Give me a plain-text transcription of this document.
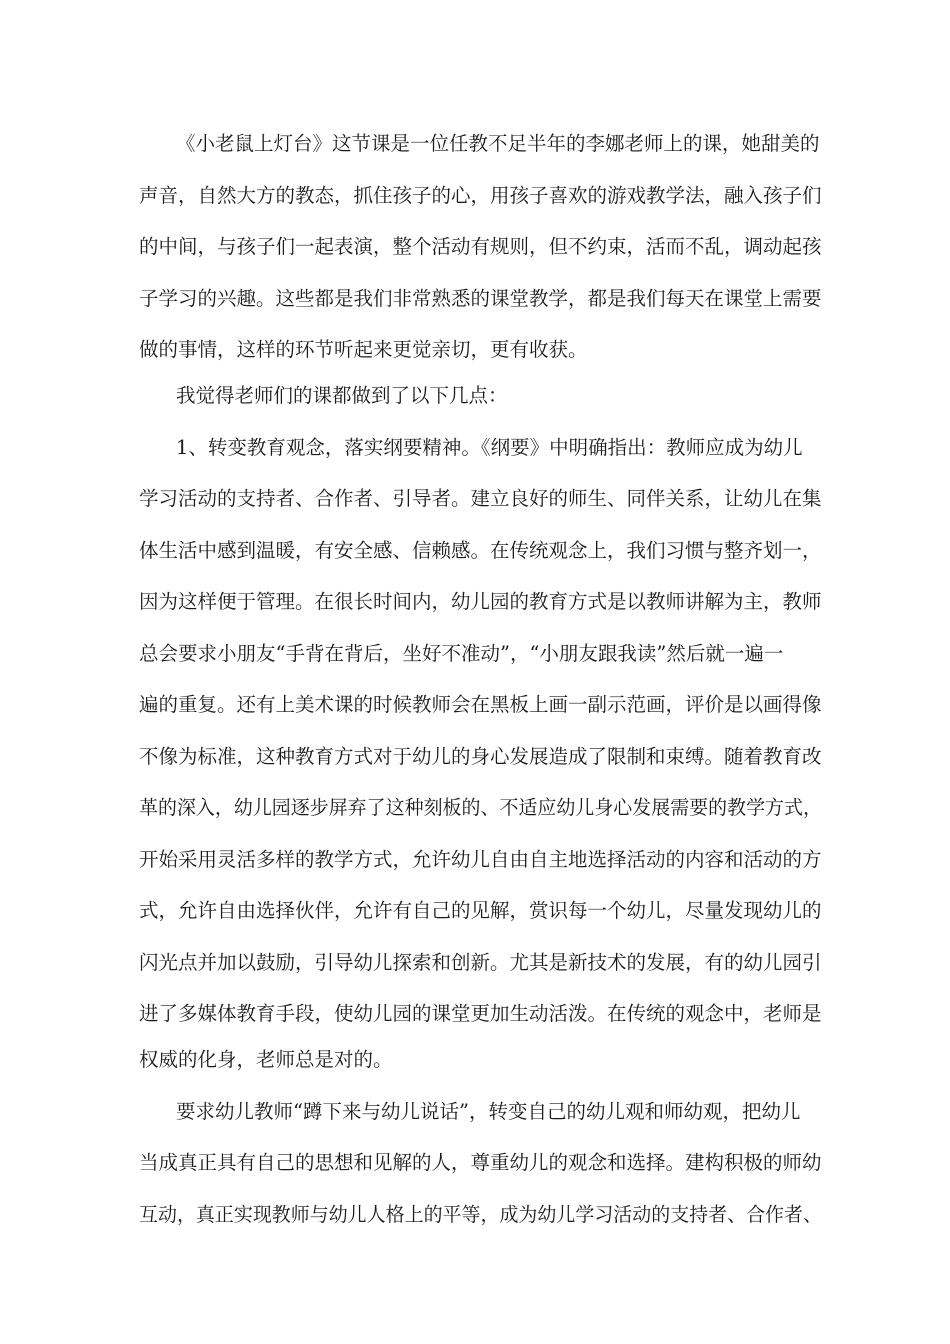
《小老鼠上灯台》这节课是一位任教不足半年的李娜老师上的课，她甜美的
声音，自然大方的教态，抓住孩子的心，用孩子喜欢的游戏教学法，融入孩子们
的中间，与孩子们一起表演，整个活动有规则，但不约束，活而不乱，调动起孩
子学习的兴趣。这些都是我们非常熟悉的课堂教学，都是我们每天在课堂上需要
做的事情，这样的环节听起来更觉亲切，更有收获。
我觉得老师们的课都做到了以下几点：
1、转变教育观念，落实纲要精神。《纲要》中明确指出：教师应成为幼儿
学习活动的支持者、合作者、引导者。建立良好的师生、同伴关系，让幼儿在集
体生活中感到温暖，有安全感、信赖感。在传统观念上，我们习惯与整齐划一，
因为这样便于管理。在很长时间内，幼儿园的教育方式是以教师讲解为主，教师
总会要求小朋友“手背在背后，坐好不准动”，“小朋友跟我读”然后就一遍一
遍的重复。还有上美术课的时候教师会在黑板上画一副示范画，评价是以画得像
不像为标准，这种教育方式对于幼儿的身心发展造成了限制和束缚。随着教育改
革的深入，幼儿园逐步屏弃了这种刻板的、不适应幼儿身心发展需要的教学方式，
开始采用灵活多样的教学方式，允许幼儿自由自主地选择活动的内容和活动的方
式，允许自由选择伙伴，允许有自己的见解，赏识每一个幼儿，尽量发现幼儿的
闪光点并加以鼓励，引导幼儿探索和创新。尤其是新技术的发展，有的幼儿园引
进了多媒体教育手段，使幼儿园的课堂更加生动活泼。在传统的观念中，老师是
权威的化身，老师总是对的。
要求幼儿教师“蹲下来与幼儿说话”，转变自己的幼儿观和师幼观，把幼儿
当成真正具有自己的思想和见解的人，尊重幼儿的观念和选择。建构积极的师幼
互动，真正实现教师与幼儿人格上的平等，成为幼儿学习活动的支持者、合作者、
